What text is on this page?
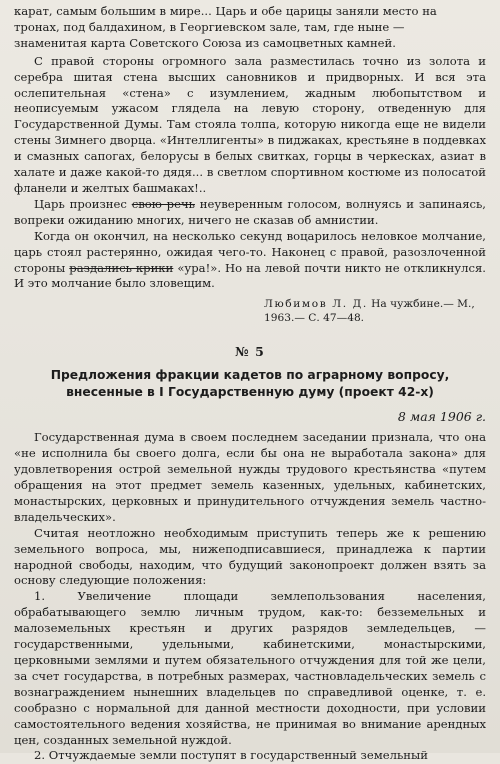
карат, самым большим в мире... Царь и обе царицы заняли место на

тронах, под балдахином, в Георгиевском зале, там, где ныне —

знаменитая карта Советского Союза из самоцветных камней.

С правой стороны огромного зала разместилась точно из золота и серебра шитая стена высших сановников и придворных. И вся эта ослепительная «стена» с изумлением, жадным любопытством и неописуемым ужасом глядела на левую сторону, отведенную для Государственной Думы. Там стояла толпа, которую никогда еще не видели стены Зимнего дворца. «Интеллигенты» в пиджаках, крестьяне в поддевках и смазных сапогах, белорусы в белых свитках, горцы в черкесках, азиат в халате и даже какой-то дядя... в светлом спортивном костюме из полосатой фланели и желтых башмаках!..

Царь произнес свою речь неуверенным голосом, волнуясь и запинаясь, вопреки ожиданию многих, ничего не сказав об амнистии.

Когда он окончил, на несколько секунд воцарилось неловкое молчание, царь стоял растерянно, ожидая чего-то. Наконец с правой, разозлоченной стороны раздались крики «ура!». Но на левой почти никто не откликнулся. И это молчание было зловещим.

Любимов Л. Д. На чужбине.— М.,

1963.— С. 47—48.

№ 5

Предложения фракции кадетов по аграрному вопросу,

внесенные в I Государственную думу (проект 42-х)

8 мая 1906 г.

Государственная дума в своем последнем заседании признала, что она «не исполнила бы своего долга, если бы она не выработала закона» для удовлетворения острой земельной нужды трудового крестьянства «путем обращения на этот предмет земель казенных, удельных, кабинетских, монастырских, церковных и принудительного отчуждения земель частно-владельческих».

Считая неотложно необходимым приступить теперь же к решению земельного вопроса, мы, нижеподписавшиеся, принадлежа к партии народной свободы, находим, что будущий законопроект должен взять за основу следующие положения:

1. Увеличение площади землепользования населения, обрабатывающего землю личным трудом, как-то: безземельных и малоземельных крестьян и других разрядов земледельцев, — государственными, удельными, кабинетскими, монастырскими, церковными землями и путем обязательного отчуждения для той же цели, за счет государства, в потребных размерах, частновладельческих земель с вознаграждением нынешних владельцев по справедливой оценке, т. е. сообразно с нормальной для данной местности доходности, при условии самостоятельного ведения хозяйства, не принимая во внимание арендных цен, созданных земельной нуждой.

2. Отчуждаемые земли поступят в государственный земельный
